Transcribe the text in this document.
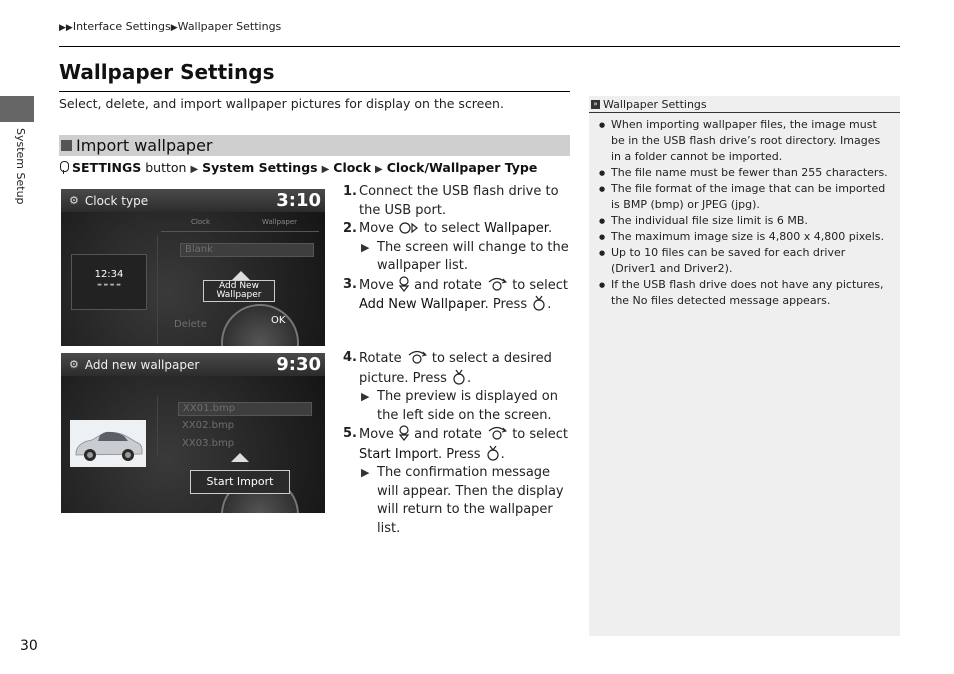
▶▶Interface Settings▶Wallpaper Settings
Wallpaper Settings
Select, delete, and import wallpaper pictures for display on the screen.
System Setup	Import wallpaper
SETTINGS button ▶ System Settings ▶ Clock ▶ Clock/Wallpaper Type
⚙ Clock type	3:10
12:34
▬ ▬ ▬ ▬
Clock	Wallpaper
Blank
Delete
Add New
Wallpaper
OK
⚙ Add new wallpaper	9:30
XX01.bmp
XX02.bmp
XX03.bmp
Start Import
1. Connect the USB flash drive to the USB port.
2. Move to select Wallpaper.
▶ The screen will change to the wallpaper list.
3. Move and rotate to select Add New Wallpaper. Press .
4. Rotate to select a desired picture. Press .
▶ The preview is displayed on the left side on the screen.
5. Move and rotate to select Start Import. Press .
▶ The confirmation message will appear. Then the display will return to the wallpaper list.
» Wallpaper Settings
● When importing wallpaper files, the image must be in the USB flash drive’s root directory. Images in a folder cannot be imported.
● The file name must be fewer than 255 characters.
● The file format of the image that can be imported is BMP (bmp) or JPEG (jpg).
● The individual file size limit is 6 MB.
● The maximum image size is 4,800 x 4,800 pixels.
● Up to 10 files can be saved for each driver (Driver1 and Driver2).
● If the USB flash drive does not have any pictures, the No files detected message appears.
30
